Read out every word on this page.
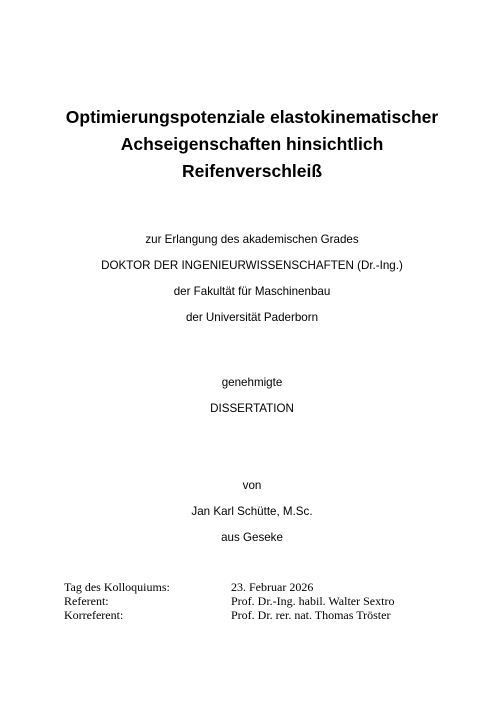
Optimierungspotenziale elastokinematischer
Achseigenschaften hinsichtlich
Reifenverschleiß
zur Erlangung des akademischen Grades
DOKTOR DER INGENIEURWISSENSCHAFTEN (Dr.-Ing.)
der Fakultät für Maschinenbau
der Universität Paderborn
genehmigte
DISSERTATION
von
Jan Karl Schütte, M.Sc.
aus Geseke
Tag des Kolloquiums:	23. Februar 2026
Referent:	Prof. Dr.-Ing. habil. Walter Sextro
Korreferent:	Prof. Dr. rer. nat. Thomas Tröster
